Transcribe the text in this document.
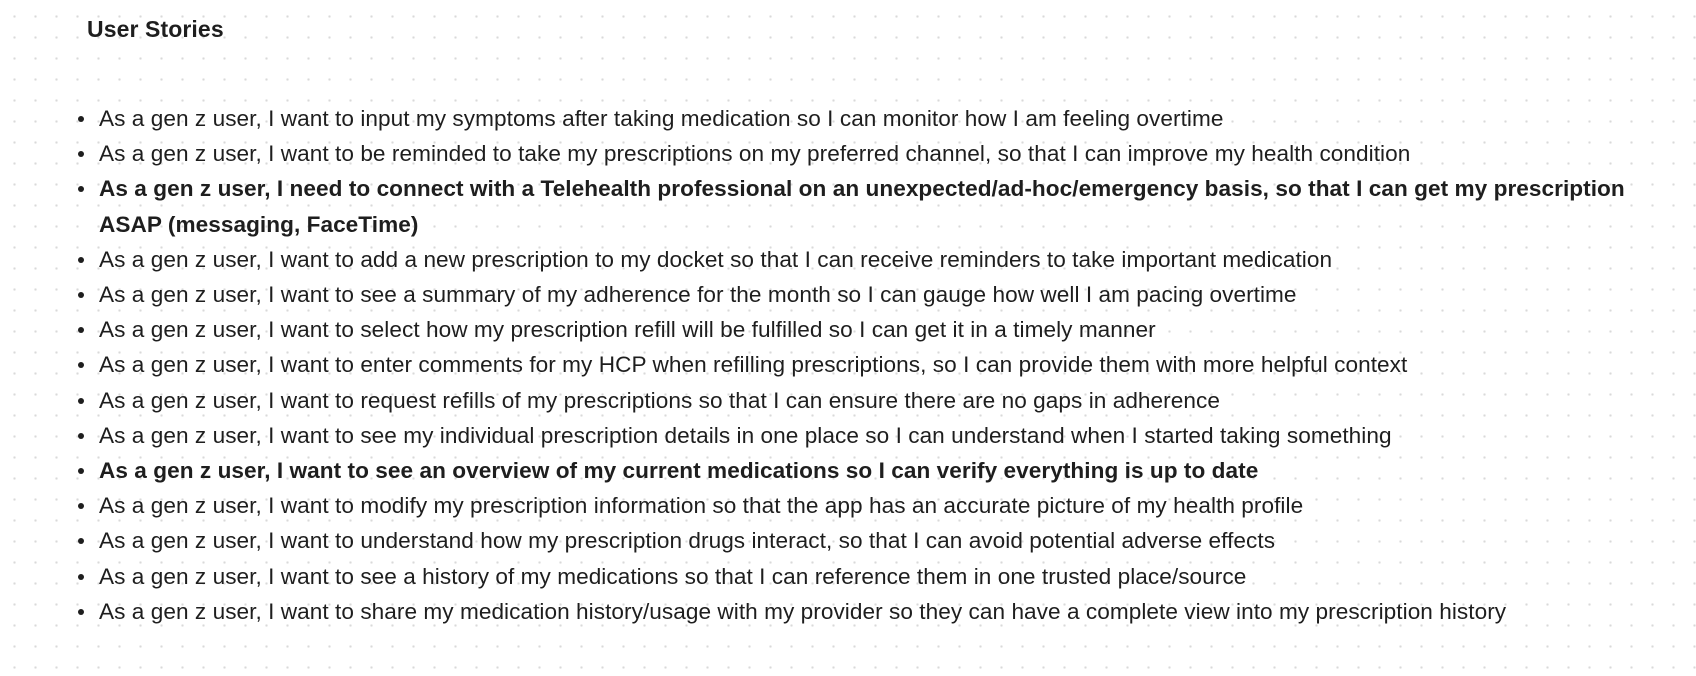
User Stories
As a gen z user, I want to input my symptoms after taking medication so I can monitor how I am feeling overtime
As a gen z user, I want to be reminded to take my prescriptions on my preferred channel, so that I can improve my health condition
As a gen z user, I need to connect with a Telehealth professional on an unexpected/ad-hoc/emergency basis, so that I can get my prescription ASAP (messaging, FaceTime)
As a gen z user, I want to add a new prescription to my docket so that I can receive reminders to take important medication
As a gen z user, I want to see a summary of my adherence for the month so I can gauge how well I am pacing overtime
As a gen z user, I want to select how my prescription refill will be fulfilled so I can get it in a timely manner
As a gen z user, I want to enter comments for my HCP when refilling prescriptions, so I can provide them with more helpful context
As a gen z user, I want to request refills of my prescriptions so that I can ensure there are no gaps in adherence
As a gen z user, I want to see my individual prescription details in one place so I can understand when I started taking something
As a gen z user, I want to see an overview of my current medications so I can verify everything is up to date
As a gen z user, I want to modify my prescription information so that the app has an accurate picture of my health profile
As a gen z user, I want to understand how my prescription drugs interact, so that I can avoid potential adverse effects
As a gen z user, I want to see a history of my medications so that I can reference them in one trusted place/source
As a gen z user, I want to share my medication history/usage with my provider so they can have a complete view into my prescription history
